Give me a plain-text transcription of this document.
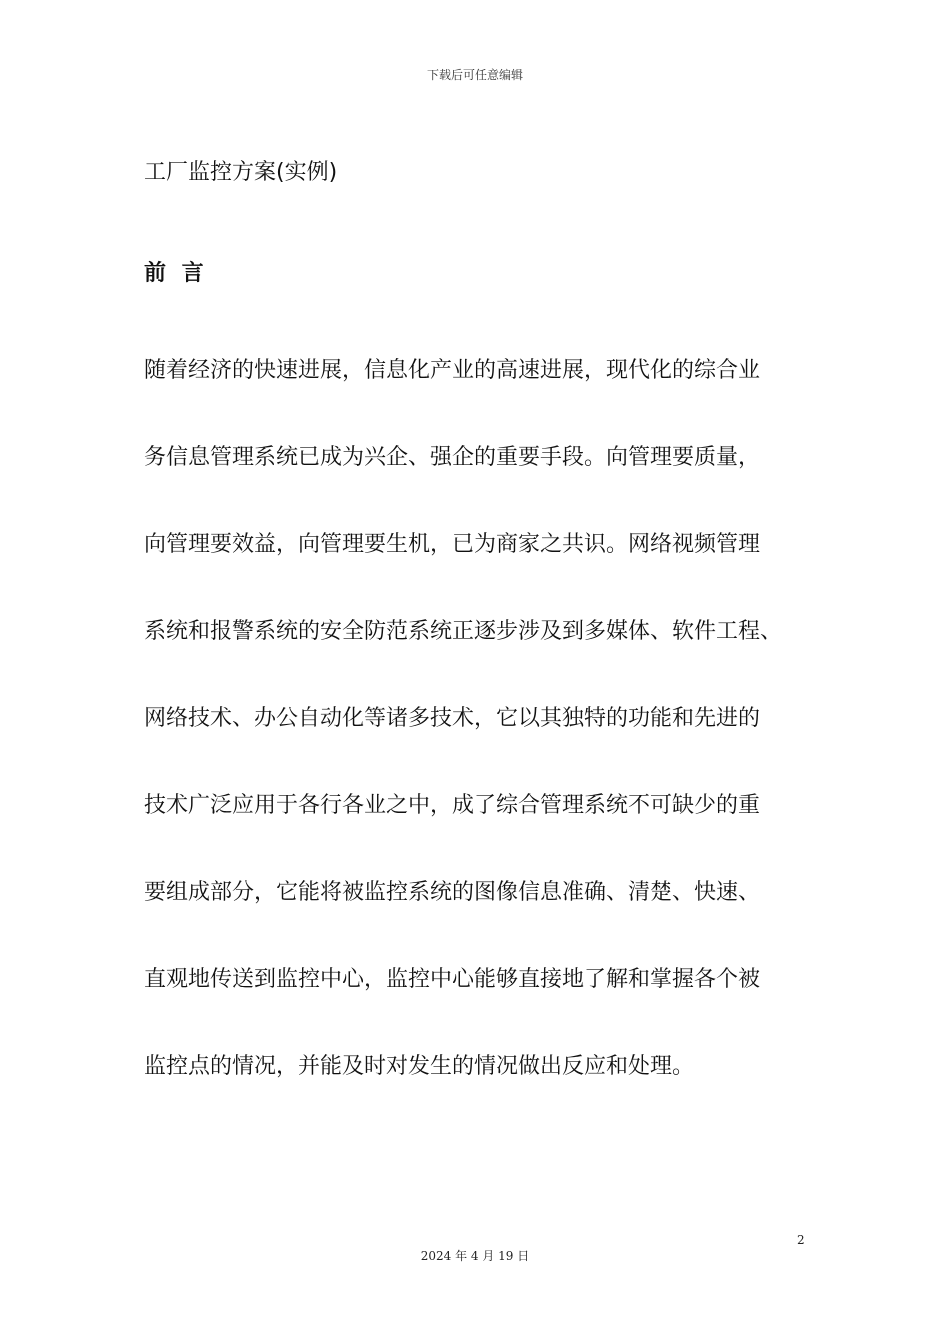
下载后可任意编辑
工厂监控方案(实例)
前 言
随着经济的快速进展，信息化产业的高速进展，现代化的综合业
务信息管理系统已成为兴企、强企的重要手段。向管理要质量，
向管理要效益，向管理要生机，已为商家之共识。网络视频管理
系统和报警系统的安全防范系统正逐步涉及到多媒体、软件工程、
网络技术、办公自动化等诸多技术，它以其独特的功能和先进的
技术广泛应用于各行各业之中，成了综合管理系统不可缺少的重
要组成部分，它能将被监控系统的图像信息准确、清楚、快速、
直观地传送到监控中心，监控中心能够直接地了解和掌握各个被
监控点的情况，并能及时对发生的情况做出反应和处理。
2
2024 年 4 月 19 日
